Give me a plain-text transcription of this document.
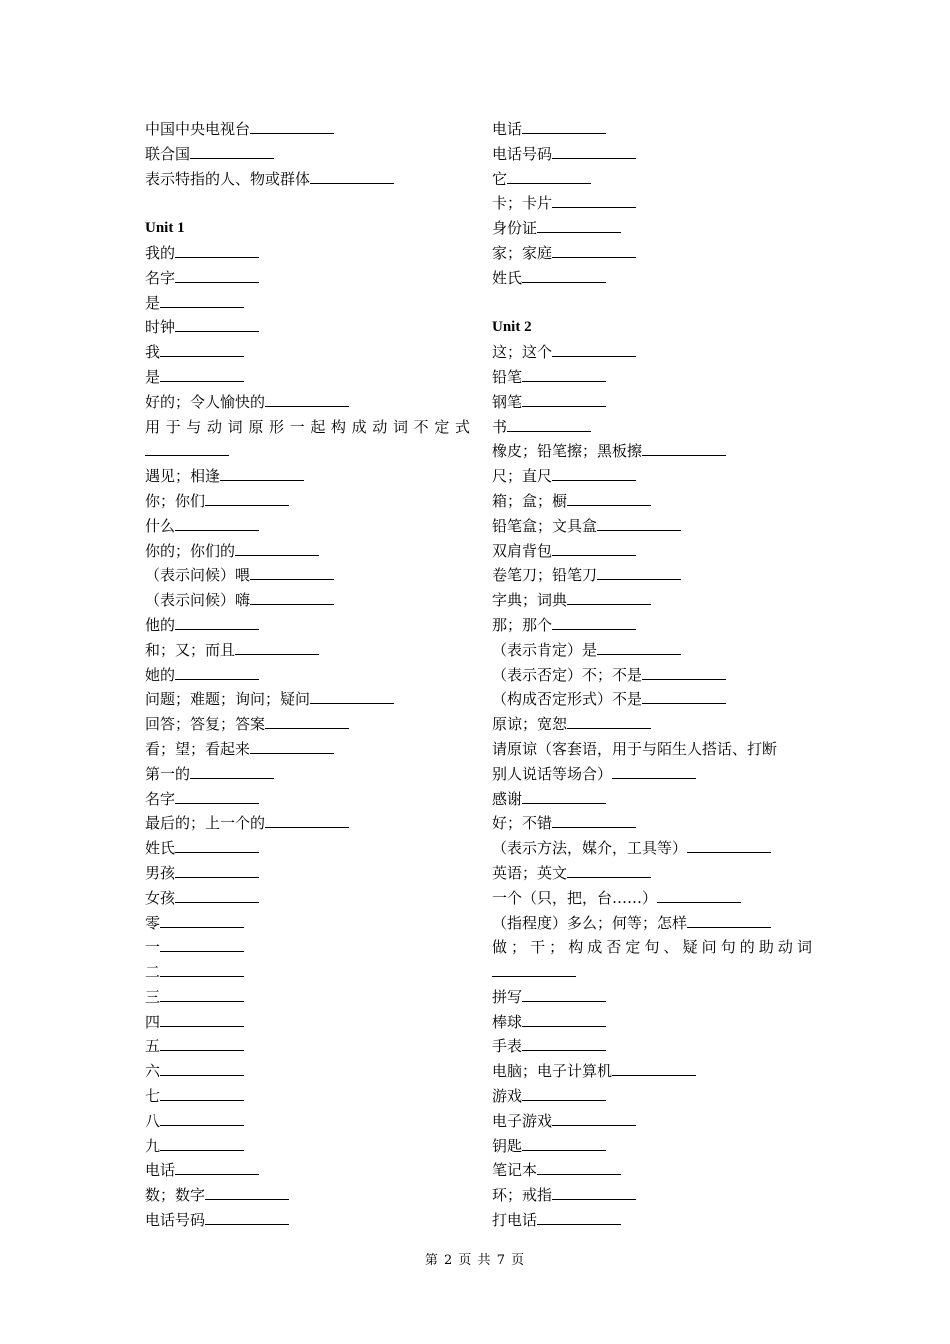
中国中央电视台
联合国
表示特指的人、物或群体
Unit 1
我的
名字
是
时钟
我
是
好的；令人愉快的
用于与动词原形一起构成动词不定式
遇见；相逢
你；你们
什么
你的；你们的
（表示问候）喂
（表示问候）嗨
他的
和；又；而且
她的
问题；难题；询问；疑问
回答；答复；答案
看；望；看起来
第一的
名字
最后的；上一个的
姓氏
男孩
女孩
零
一
二
三
四
五
六
七
八
九
电话
数；数字
电话号码
电话
电话号码
它
卡；卡片
身份证
家；家庭
姓氏
Unit 2
这；这个
铅笔
钢笔
书
橡皮；铅笔擦；黑板擦
尺；直尺
箱；盒；橱
铅笔盒；文具盒
双肩背包
卷笔刀；铅笔刀
字典；词典
那；那个
（表示肯定）是
（表示否定）不；不是
（构成否定形式）不是
原谅；宽恕
请原谅（客套语，用于与陌生人搭话、打断
别人说话等场合）
感谢
好；不错
（表示方法，媒介，工具等）
英语；英文
一个（只，把，台……）
（指程度）多么；何等；怎样
做；干；构成否定句、疑问句的助动词
拼写
棒球
手表
电脑；电子计算机
游戏
电子游戏
钥匙
笔记本
环；戒指
打电话
第 2 页 共 7 页
